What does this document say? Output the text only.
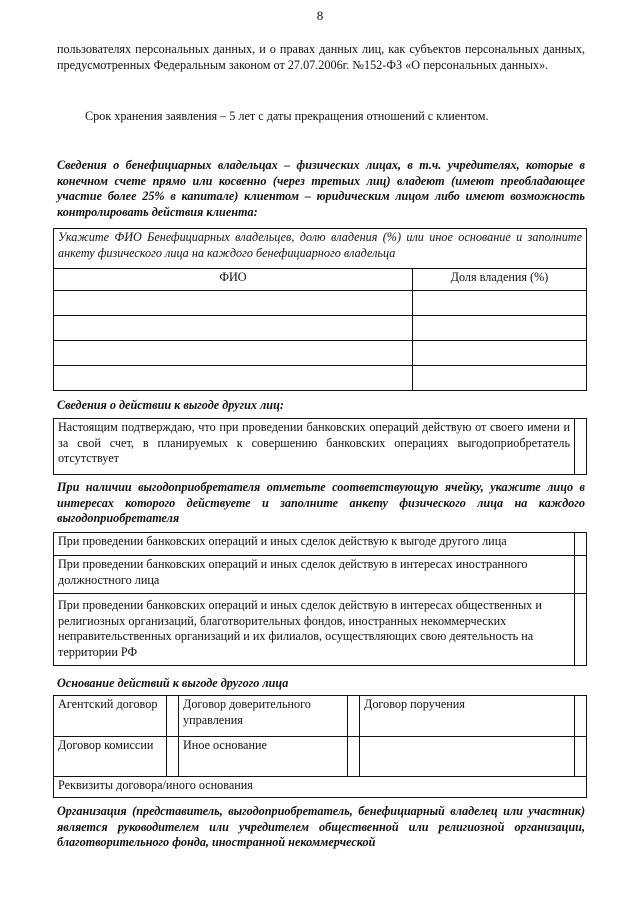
8
пользователях персональных данных, и о правах данных лиц, как субъектов персональных данных, предусмотренных Федеральным законом от 27.07.2006г. №152-ФЗ «О персональных данных».
Срок хранения заявления – 5 лет с даты прекращения отношений с клиентом.
Сведения о бенефициарных владельцах – физических лицах, в т.ч. учредителях, которые в конечном счете прямо или косвенно (через третьих лиц) владеют (имеют преобладающее участие более 25% в капитале) клиентом – юридическим лицом либо имеют возможность контролировать действия клиента:
Укажите ФИО Бенефициарных владельцев, долю владения (%) или иное основание и заполните анкету физического лица на каждого бенефициарного владельца	
ФИО	Доля владения (%)

Сведения о действии к выгоде других лиц:
Настоящим подтверждаю, что при проведении банковских операций действую от своего имени и за свой счет, в планируемых к совершению банковских операциях выгодоприобретатель отсутствует	
При наличии выгодоприобретателя отметьте соответствующую ячейку, укажите лицо в интересах которого действуете и заполните анкету физического лица на каждого выгодоприобретателя
При проведении банковских операций и иных сделок действую к выгоде другого лица	
При проведении банковских операций и иных сделок действую в интересах иностранного должностного лица	
При проведении банковских операций и иных сделок действую в интересах общественных и религиозных организаций, благотворительных фондов, иностранных некоммерческих неправительственных организаций и их филиалов, осуществляющих свою деятельность на территории РФ	
Основание действий к выгоде другого лица
Агентский договор		Договор доверительного управления		Договор поручения	
Договор комиссии		Иное основание			
Реквизиты договора/иного основания					
Организация (представитель, выгодоприобретатель, бенефициарный владелец или участник) является руководителем или учредителем общественной или религиозной организации, благотворительного фонда, иностранной некоммерческой
